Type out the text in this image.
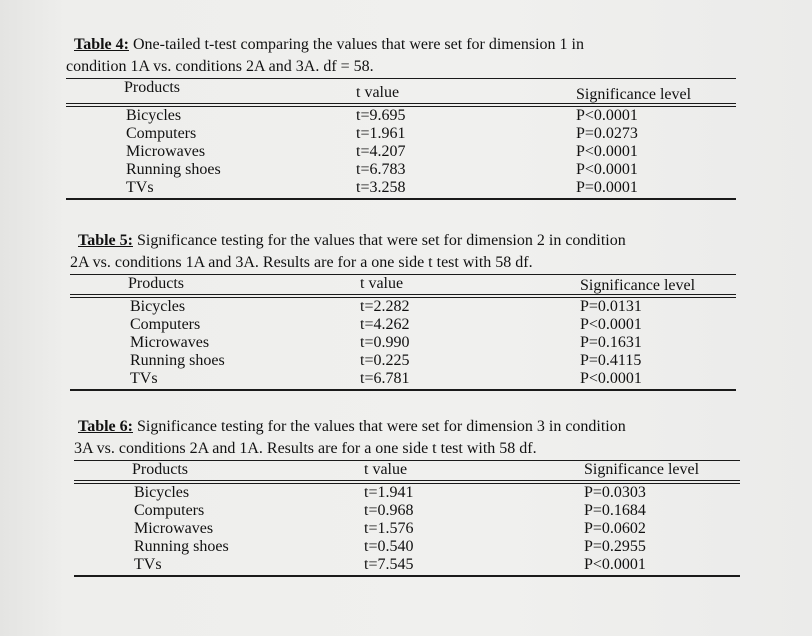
Table 4: One-tailed t-test comparing the values that were set for dimension 1 in
condition 1A vs. conditions 2A and 3A. df = 58.

Products	t value	Significance level
Bicycles	t=9.695	P<0.0001
Computers	t=1.961	P=0.0273
Microwaves	t=4.207	P<0.0001
Running shoes	t=6.783	P<0.0001
TVs	t=3.258	P=0.0001

Table 5: Significance testing for the values that were set for dimension 2 in condition
2A vs. conditions 1A and 3A. Results are for a one side t test with 58 df.

Products	t value	Significance level
Bicycles	t=2.282	P=0.0131
Computers	t=4.262	P<0.0001
Microwaves	t=0.990	P=0.1631
Running shoes	t=0.225	P=0.4115
TVs	t=6.781	P<0.0001

Table 6: Significance testing for the values that were set for dimension 3 in condition
3A vs. conditions 2A and 1A. Results are for a one side t test with 58 df.

Products	t value	Significance level
Bicycles	t=1.941	P=0.0303
Computers	t=0.968	P=0.1684
Microwaves	t=1.576	P=0.0602
Running shoes	t=0.540	P=0.2955
TVs	t=7.545	P<0.0001
